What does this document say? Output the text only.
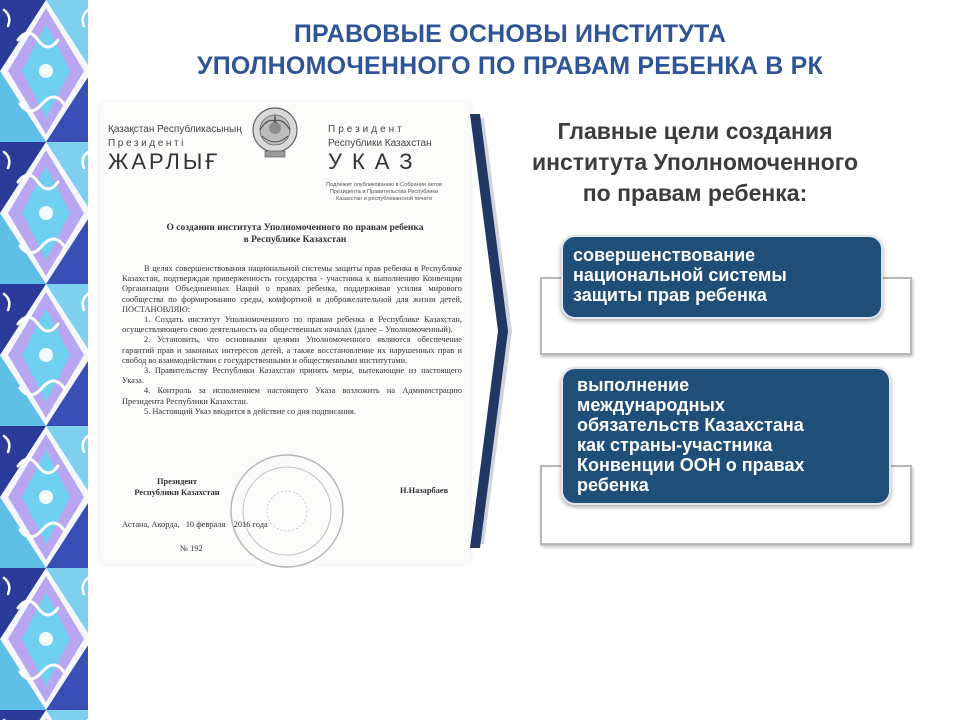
ПРАВОВЫЕ ОСНОВЫ ИНСТИТУТА
УПОЛНОМОЧЕННОГО ПО ПРАВАМ РЕБЕНКА В РК
Қазақстан Республикасының
Президенті
ЖАРЛЫҒ
Президент
Республики Казахстан
УКАЗ
Подлежит опубликованию в Собрании актов
Президента и Правительства Республики
Казахстан и республиканской печати
О создании института Уполномоченного по правам ребенка
в Республике Казахстан

В целях совершенствования национальной системы защиты прав ребенка в Республике Казахстан, подтверждая приверженность государства - участника к выполнению Конвенции Организации Объединенных Наций о правах ребенка, поддерживая усилия мирового сообщества по формированию среды, комфортной и доброжелательной для жизни детей, ПОСТАНОВЛЯЮ:

1. Создать институт Уполномоченного по правам ребенка в Республике Казахстан, осуществляющего свою деятельность на общественных началах (далее – Уполномоченный).

2. Установить, что основными целями Уполномоченного являются обеспечение гарантий прав и законных интересов детей, а также восстановление их нарушенных прав и свобод во взаимодействии с государственными и общественными институтами.

3. Правительству Республики Казахстан принять меры, вытекающие из настоящего Указа.

4. Контроль за исполнением настоящего Указа возложить на Администрацию Президента Республики Казахстан.

5. Настоящий Указ вводится в действие со дня подписания.

Президент
Республики Казахстан	Н.Назарбаев
Астана, Акорда,   10 февраля    2016 года
№ 192
Главные цели создания
института Уполномоченного
по правам ребенка:
совершенствование
национальной системы
защиты прав ребенка
выполнение
международных
обязательств Казахстана
как страны-участника
Конвенции ООН о правах
ребенка
